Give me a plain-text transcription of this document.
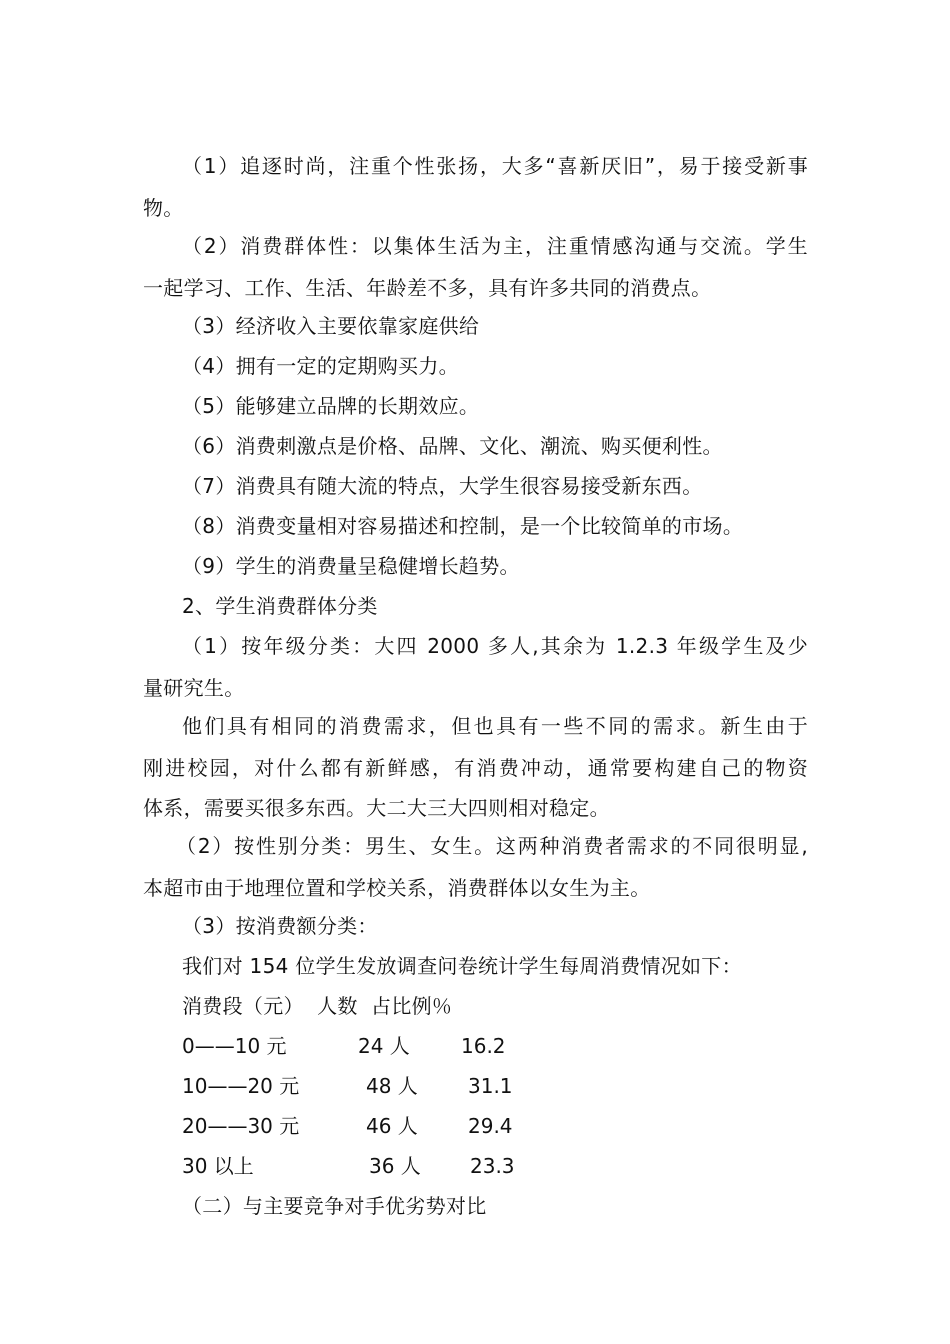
（1）追逐时尚，注重个性张扬，大多“喜新厌旧”，易于接受新事
物。
（2）消费群体性：以集体生活为主，注重情感沟通与交流。学生
一起学习、工作、生活、年龄差不多，具有许多共同的消费点。
（3）经济收入主要依靠家庭供给
（4）拥有一定的定期购买力。
（5）能够建立品牌的长期效应。
（6）消费刺激点是价格、品牌、文化、潮流、购买便利性。
（7）消费具有随大流的特点，大学生很容易接受新东西。
（8）消费变量相对容易描述和控制，是一个比较简单的市场。
（9）学生的消费量呈稳健增长趋势。
2、学生消费群体分类
（1）按年级分类：大四 2000 多人,其余为 1.2.3 年级学生及少
量研究生。
他们具有相同的消费需求，但也具有一些不同的需求。新生由于
刚进校园，对什么都有新鲜感，有消费冲动，通常要构建自己的物资
体系，需要买很多东西。大二大三大四则相对稳定。
（2）按性别分类：男生、女生。这两种消费者需求的不同很明显,
本超市由于地理位置和学校关系，消费群体以女生为主。
（3）按消费额分类：
我们对 154 位学生发放调查问卷统计学生每周消费情况如下：
消费段（元）  人数  占比例％
0——10 元	24 人	16.2
10——20 元	48 人	31.1
20——30 元	46 人	29.4
30 以上	36 人 23.3
（二）与主要竞争对手优劣势对比
